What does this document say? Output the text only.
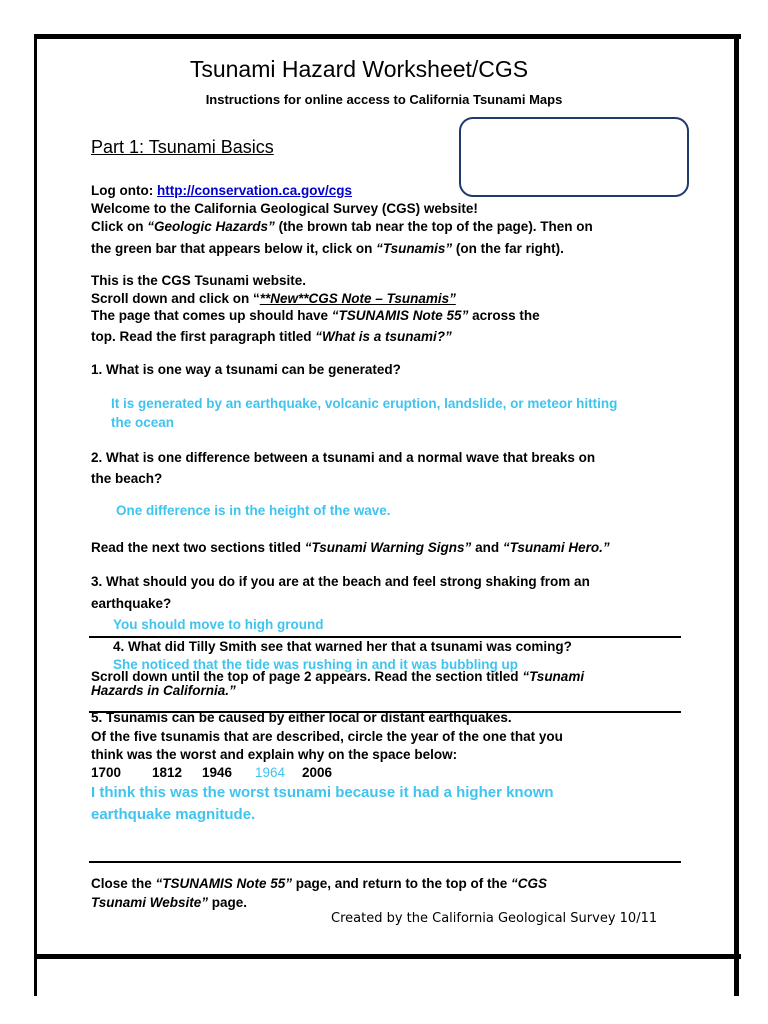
Tsunami Hazard Worksheet/CGS
Instructions for online access to California Tsunami Maps
Part 1: Tsunami Basics
Log onto: http://conservation.ca.gov/cgs
Welcome to the California Geological Survey (CGS) website!
Click on “Geologic Hazards” (the brown tab near the top of the page). Then on
the green bar that appears below it, click on “Tsunamis” (on the far right).
This is the CGS Tsunami website.
Scroll down and click on “**New**CGS Note – Tsunamis”
The page that comes up should have “TSUNAMIS Note 55” across the
top. Read the first paragraph titled “What is a tsunami?”
1. What is one way a tsunami can be generated?
It is generated by an earthquake, volcanic eruption, landslide, or meteor hitting
the ocean
2. What is one difference between a tsunami and a normal wave that breaks on
the beach?
One difference is in the height of the wave.
Read the next two sections titled “Tsunami Warning Signs” and “Tsunami Hero.”
3. What should you do if you are at the beach and feel strong shaking from an
earthquake?
You should move to high ground
4. What did Tilly Smith see that warned her that a tsunami was coming?
She noticed that the tide was rushing in and it was bubbling up
Scroll down until the top of page 2 appears. Read the section titled “Tsunami
Hazards in California.”
5. Tsunamis can be caused by either local or distant earthquakes.
Of the five tsunamis that are described, circle the year of the one that you
think was the worst and explain why on the space below:
1700 1812 1946 1964 2006
I think this was the worst tsunami because it had a higher known
earthquake magnitude.
Close the “TSUNAMIS Note 55” page, and return to the top of the “CGS
Tsunami Website” page.
Created by the California Geological Survey 10/11
